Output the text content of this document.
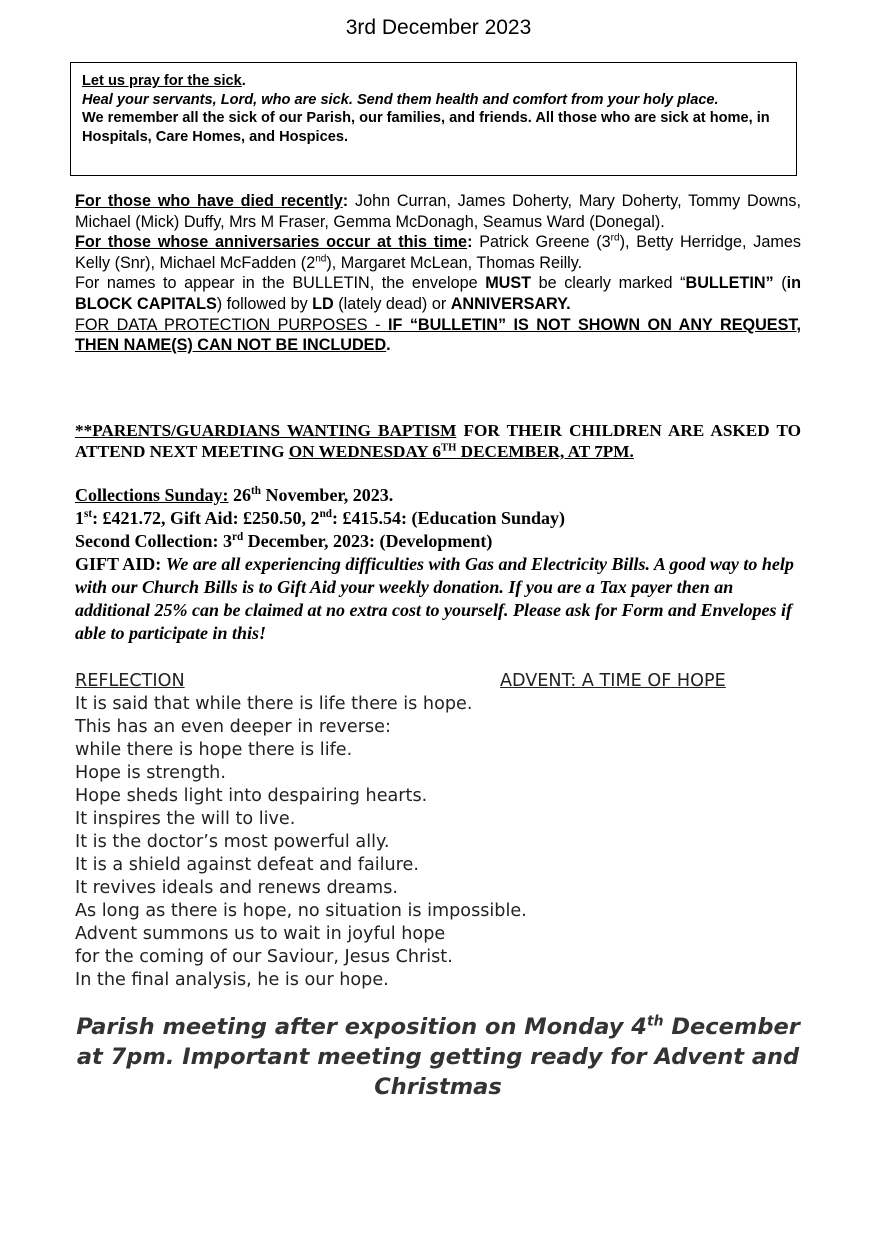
3rd December 2023
Let us pray for the sick.
Heal your servants, Lord, who are sick. Send them health and comfort from your holy place.
We remember all the sick of our Parish, our families, and friends. All those who are sick at home, in Hospitals, Care Homes, and Hospices.

For those who have died recently: John Curran, James Doherty, Mary Doherty, Tommy Downs, Michael (Mick) Duffy, Mrs M Fraser, Gemma McDonagh, Seamus Ward (Donegal).

For those whose anniversaries occur at this time: Patrick Greene (3rd), Betty Herridge, James Kelly (Snr), Michael McFadden (2nd), Margaret McLean, Thomas Reilly.

For names to appear in the BULLETIN, the envelope MUST be clearly marked “BULLETIN” (in BLOCK CAPITALS) followed by LD (lately dead) or ANNIVERSARY.

FOR DATA PROTECTION PURPOSES - IF “BULLETIN” IS NOT SHOWN ON ANY REQUEST, THEN NAME(S) CAN NOT BE INCLUDED.

**PARENTS/GUARDIANS WANTING BAPTISM FOR THEIR CHILDREN ARE ASKED TO ATTEND NEXT MEETING ON WEDNESDAY 6TH DECEMBER, AT 7PM.

Collections Sunday: 26th November, 2023.

1st: £421.72, Gift Aid: £250.50, 2nd: £415.54: (Education Sunday)

Second Collection: 3rd December, 2023: (Development)

GIFT AID: We are all experiencing difficulties with Gas and Electricity Bills. A good way to help with our Church Bills is to Gift Aid your weekly donation. If you are a Tax payer then an additional 25% can be claimed at no extra cost to yourself. Please ask for Form and Envelopes if able to participate in this!

REFLECTION	ADVENT: A TIME OF HOPE
It is said that while there is life there is hope.
This has an even deeper in reverse:
while there is hope there is life.
Hope is strength.
Hope sheds light into despairing hearts.
It inspires the will to live.
It is the doctor’s most powerful ally.
It is a shield against defeat and failure.
It revives ideals and renews dreams.
As long as there is hope, no situation is impossible.
Advent summons us to wait in joyful hope
for the coming of our Saviour, Jesus Christ.
In the final analysis, he is our hope.
Parish meeting after exposition on Monday 4th December at 7pm. Important meeting getting ready for Advent and Christmas
